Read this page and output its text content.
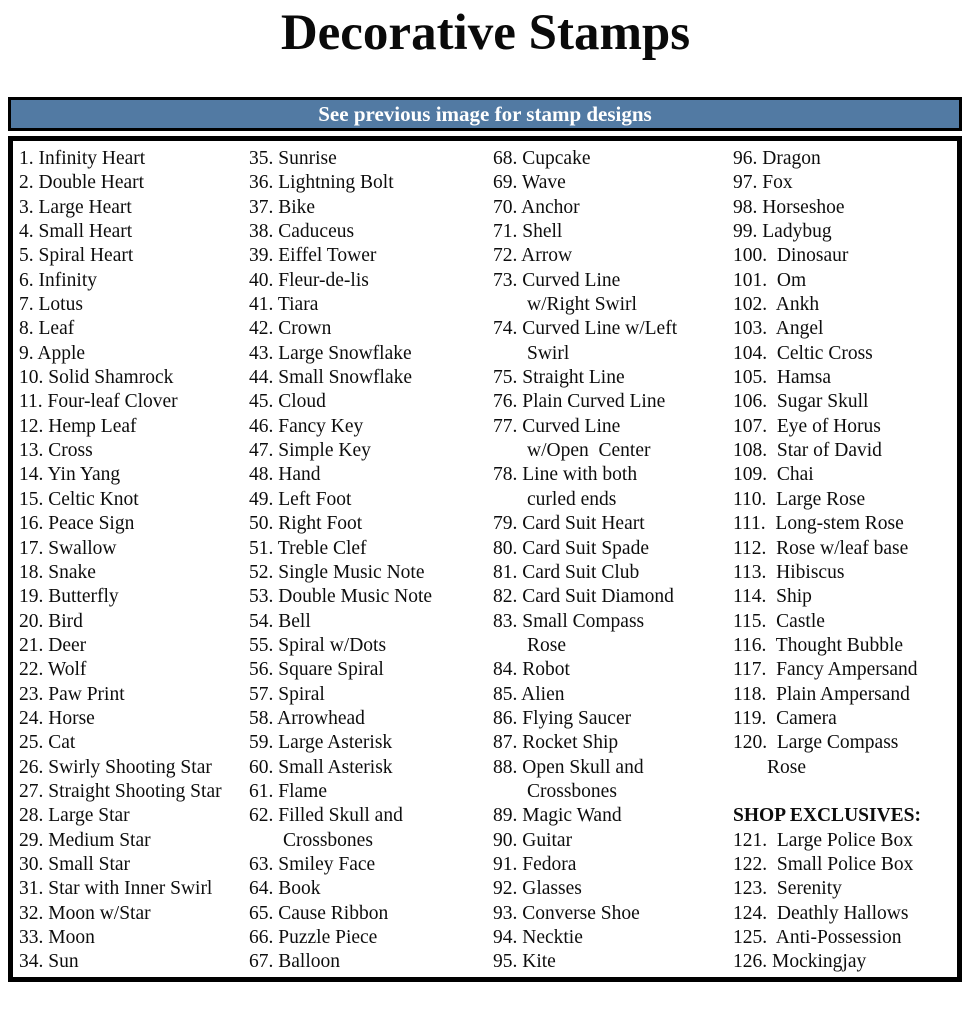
Decorative Stamps
See previous image for stamp designs
1. Infinity Heart
2. Double Heart
3. Large Heart
4. Small Heart
5. Spiral Heart
6. Infinity
7. Lotus
8. Leaf
9. Apple
10. Solid Shamrock
11. Four-leaf Clover
12. Hemp Leaf
13. Cross
14. Yin Yang
15. Celtic Knot
16. Peace Sign
17. Swallow
18. Snake
19. Butterfly
20. Bird
21. Deer
22. Wolf
23. Paw Print
24. Horse
25. Cat
26. Swirly Shooting Star
27. Straight Shooting Star
28. Large Star
29. Medium Star
30. Small Star
31. Star with Inner Swirl
32. Moon w/Star
33. Moon
34. Sun
35. Sunrise
36. Lightning Bolt
37. Bike
38. Caduceus
39. Eiffel Tower
40. Fleur-de-lis
41. Tiara
42. Crown
43. Large Snowflake
44. Small Snowflake
45. Cloud
46. Fancy Key
47. Simple Key
48. Hand
49. Left Foot
50. Right Foot
51. Treble Clef
52. Single Music Note
53. Double Music Note
54. Bell
55. Spiral w/Dots
56. Square Spiral
57. Spiral
58. Arrowhead
59. Large Asterisk
60. Small Asterisk
61. Flame
62. Filled Skull and
Crossbones
63. Smiley Face
64. Book
65. Cause Ribbon
66. Puzzle Piece
67. Balloon
68. Cupcake
69. Wave
70. Anchor
71. Shell
72. Arrow
73. Curved Line
w/Right Swirl
74. Curved Line w/Left
Swirl
75. Straight Line
76. Plain Curved Line
77. Curved Line
w/Open  Center
78. Line with both
curled ends
79. Card Suit Heart
80. Card Suit Spade
81. Card Suit Club
82. Card Suit Diamond
83. Small Compass
Rose
84. Robot
85. Alien
86. Flying Saucer
87. Rocket Ship
88. Open Skull and
Crossbones
89. Magic Wand
90. Guitar
91. Fedora
92. Glasses
93. Converse Shoe
94. Necktie
95. Kite
96. Dragon
97. Fox
98. Horseshoe
99. Ladybug
100.  Dinosaur
101.  Om
102.  Ankh
103.  Angel
104.  Celtic Cross
105.  Hamsa
106.  Sugar Skull
107.  Eye of Horus
108.  Star of David
109.  Chai
110.  Large Rose
111.  Long-stem Rose
112.  Rose w/leaf base
113.  Hibiscus
114.  Ship
115.  Castle
116.  Thought Bubble
117.  Fancy Ampersand
118.  Plain Ampersand
119.  Camera
120.  Large Compass
Rose
SHOP EXCLUSIVES:
121.  Large Police Box
122.  Small Police Box
123.  Serenity
124.  Deathly Hallows
125.  Anti-Possession
126. Mockingjay
